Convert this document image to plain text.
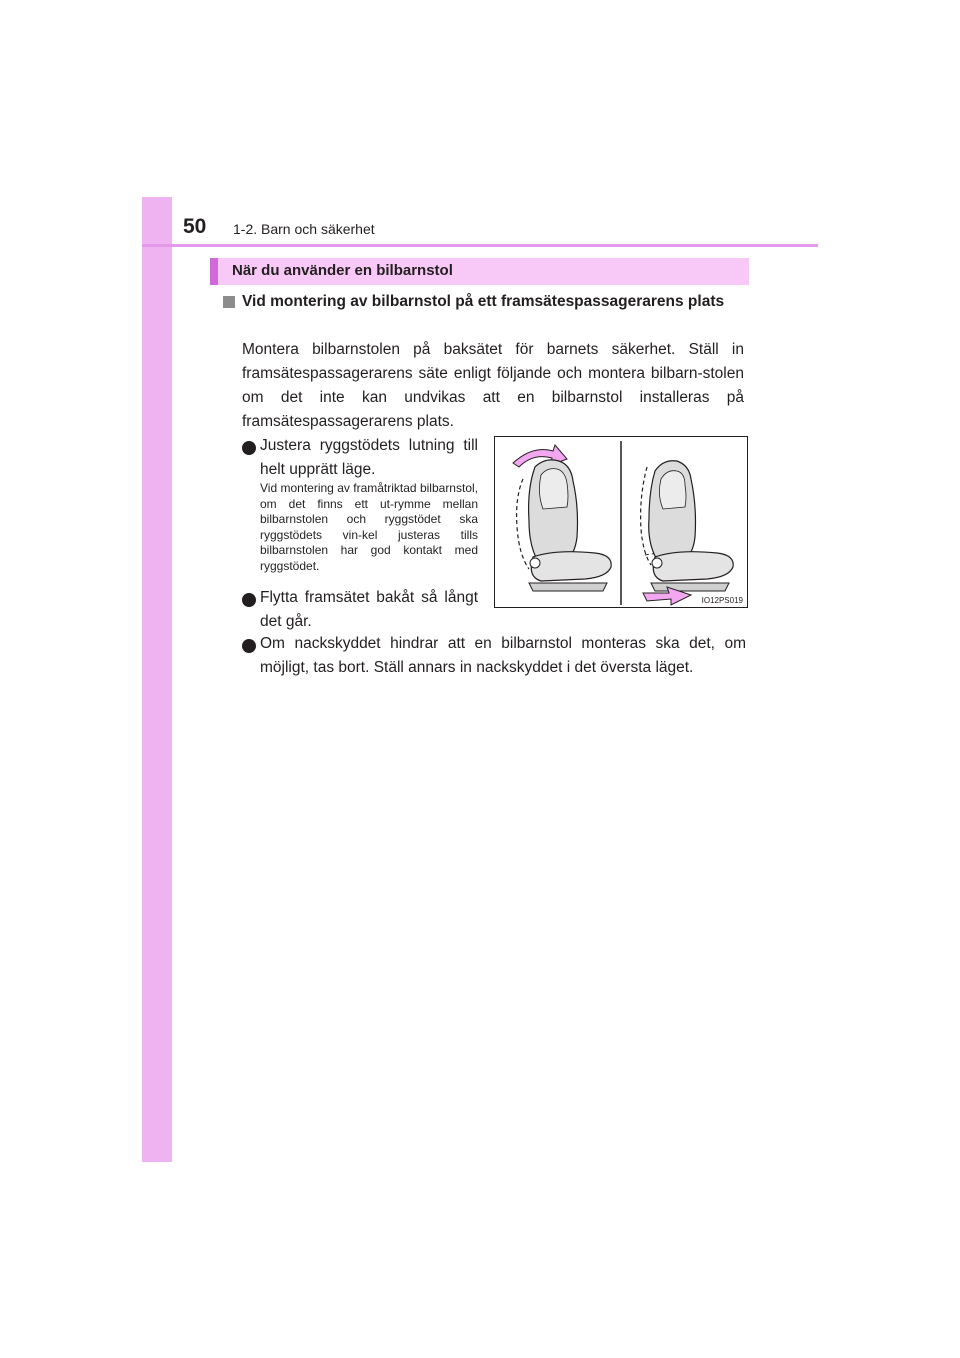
50 1-2. Barn och säkerhet
När du använder en bilbarnstol
Vid montering av bilbarnstol på ett framsätespassagerarens plats
Montera bilbarnstolen på baksätet för barnets säkerhet. Ställ in framsätespassagerarens säte enligt följande och montera bilbarn-stolen om det inte kan undvikas att en bilbarnstol installeras på framsätespassagerarens plats.
Justera ryggstödets lutning till helt upprätt läge.
Vid montering av framåtriktad bilbarnstol, om det finns ett ut-rymme mellan bilbarnstolen och ryggstödet ska ryggstödets vin-kel justeras tills bilbarnstolen har god kontakt med ryggstödet.
Flytta framsätet bakåt så långt det går.
Om nackskyddet hindrar att en bilbarnstol monteras ska det, om möjligt, tas bort. Ställ annars in nackskyddet i det översta läget.
IO12PS019
